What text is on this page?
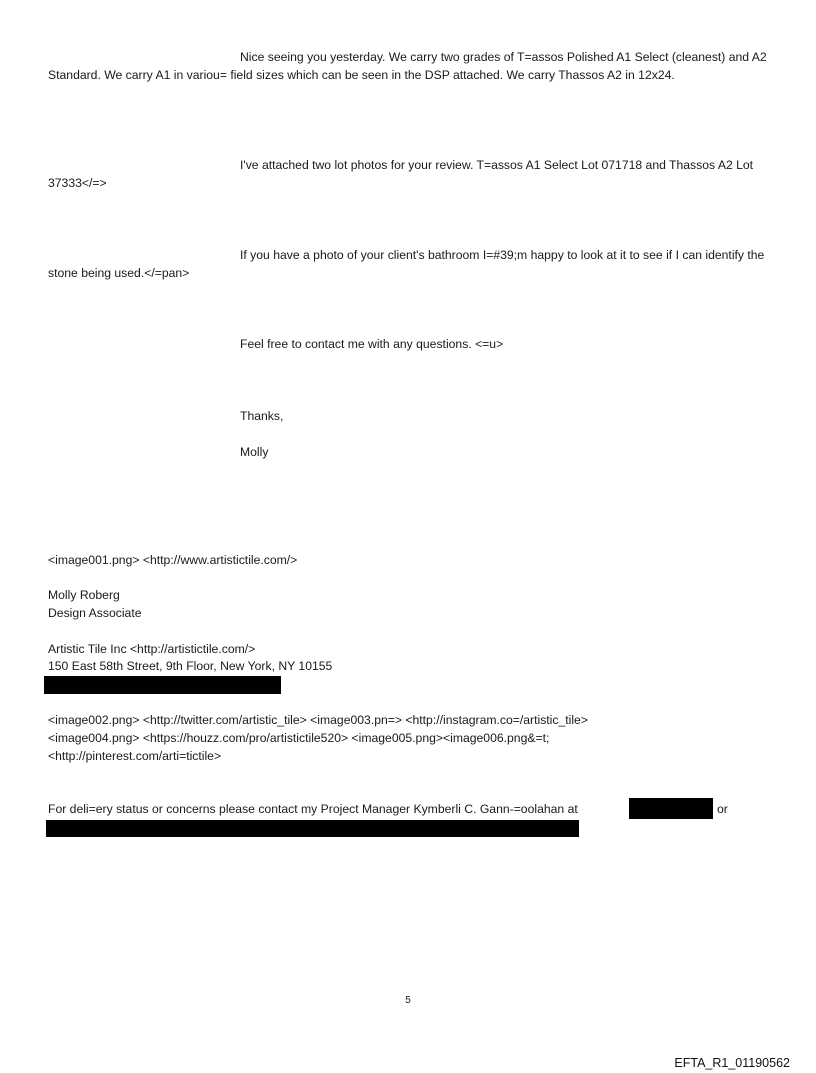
Nice seeing you yesterday. We carry two grades of T=assos Polished A1 Select (cleanest) and A2 Standard. We carry A1 in variou= field sizes which can be seen in the DSP attached. We carry Thassos A2 in 12x24.
I've attached two lot photos for your review. T=assos A1 Select Lot 071718 and Thassos A2 Lot 37333</=>
If you have a photo of your client's bathroom I=#39;m happy to look at it to see if I can identify the stone being used.</=pan>
Feel free to contact me with any questions. <=u>
Thanks,
Molly
<image001.png> <http://www.artistictile.com/>
Molly Roberg
Design Associate
Artistic Tile Inc <http://artistictile.com/>
150 East 58th Street, 9th Floor, New York, NY 10155
<image002.png> <http://twitter.com/artistic_tile> <image003.pn=> <http://instagram.co=/artistic_tile>
<image004.png> <https://houzz.com/pro/artistictile520> <image005.png><image006.png&=t;
<http://pinterest.com/arti=tictile>
For deli=ery status or concerns please contact my Project Manager Kymberli C. Gann-=oolahan at	or
5
EFTA_R1_01190562
